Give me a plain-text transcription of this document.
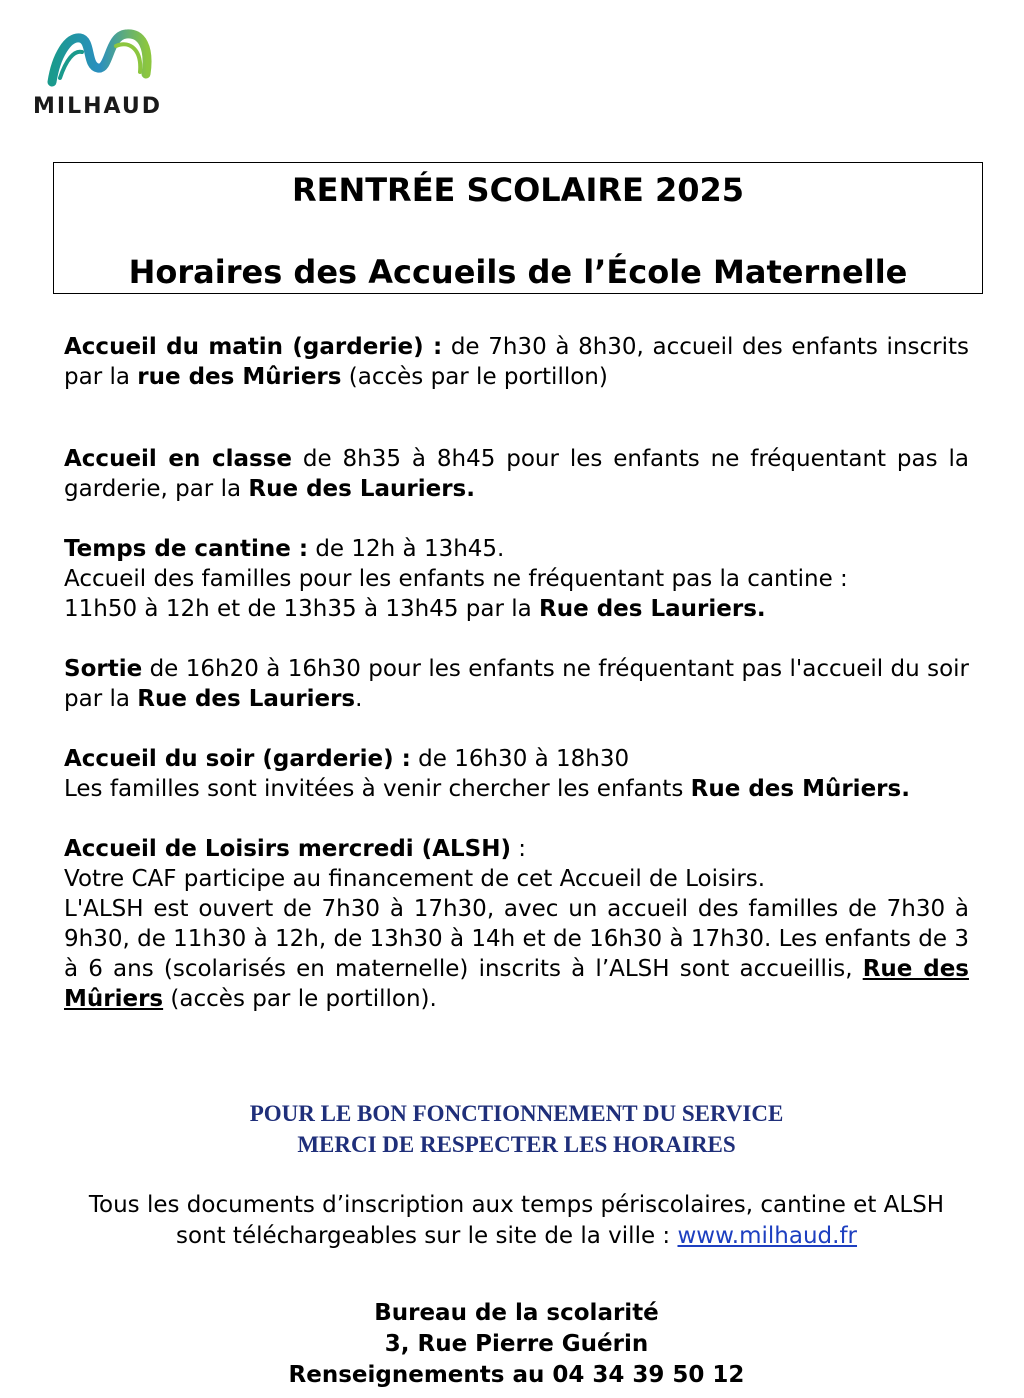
MILHAUD
RENTRÉE SCOLAIRE 2025
Horaires des Accueils de l’École Maternelle

Accueil du matin (garderie) : de 7h30 à 8h30, accueil des enfants inscrits par la rue des Mûriers (accès par le portillon)

Accueil en classe de 8h35 à 8h45 pour les enfants ne fréquentant pas la garderie, par la Rue des Lauriers.

Temps de cantine : de 12h à 13h45.
Accueil des familles pour les enfants ne fréquentant pas la cantine :
11h50 à 12h et de 13h35 à 13h45 par la Rue des Lauriers.

Sortie de 16h20 à 16h30 pour les enfants ne fréquentant pas l'accueil du soir par la Rue des Lauriers.

Accueil du soir (garderie) : de 16h30 à 18h30
Les familles sont invitées à venir chercher les enfants Rue des Mûriers.

Accueil de Loisirs mercredi (ALSH) :
Votre CAF participe au financement de cet Accueil de Loisirs.
L'ALSH est ouvert de 7h30 à 17h30, avec un accueil des familles de 7h30 à 9h30, de 11h30 à 12h, de 13h30 à 14h et de 16h30 à 17h30. Les enfants de 3 à 6 ans (scolarisés en maternelle) inscrits à l’ALSH sont accueillis, Rue des Mûriers (accès par le portillon).

POUR LE BON FONCTIONNEMENT DU SERVICE
MERCI DE RESPECTER LES HORAIRES
Tous les documents d’inscription aux temps périscolaires, cantine et ALSH sont téléchargeables sur le site de la ville : www.milhaud.fr
Bureau de la scolarité
3, Rue Pierre Guérin
Renseignements au 04 34 39 50 12
